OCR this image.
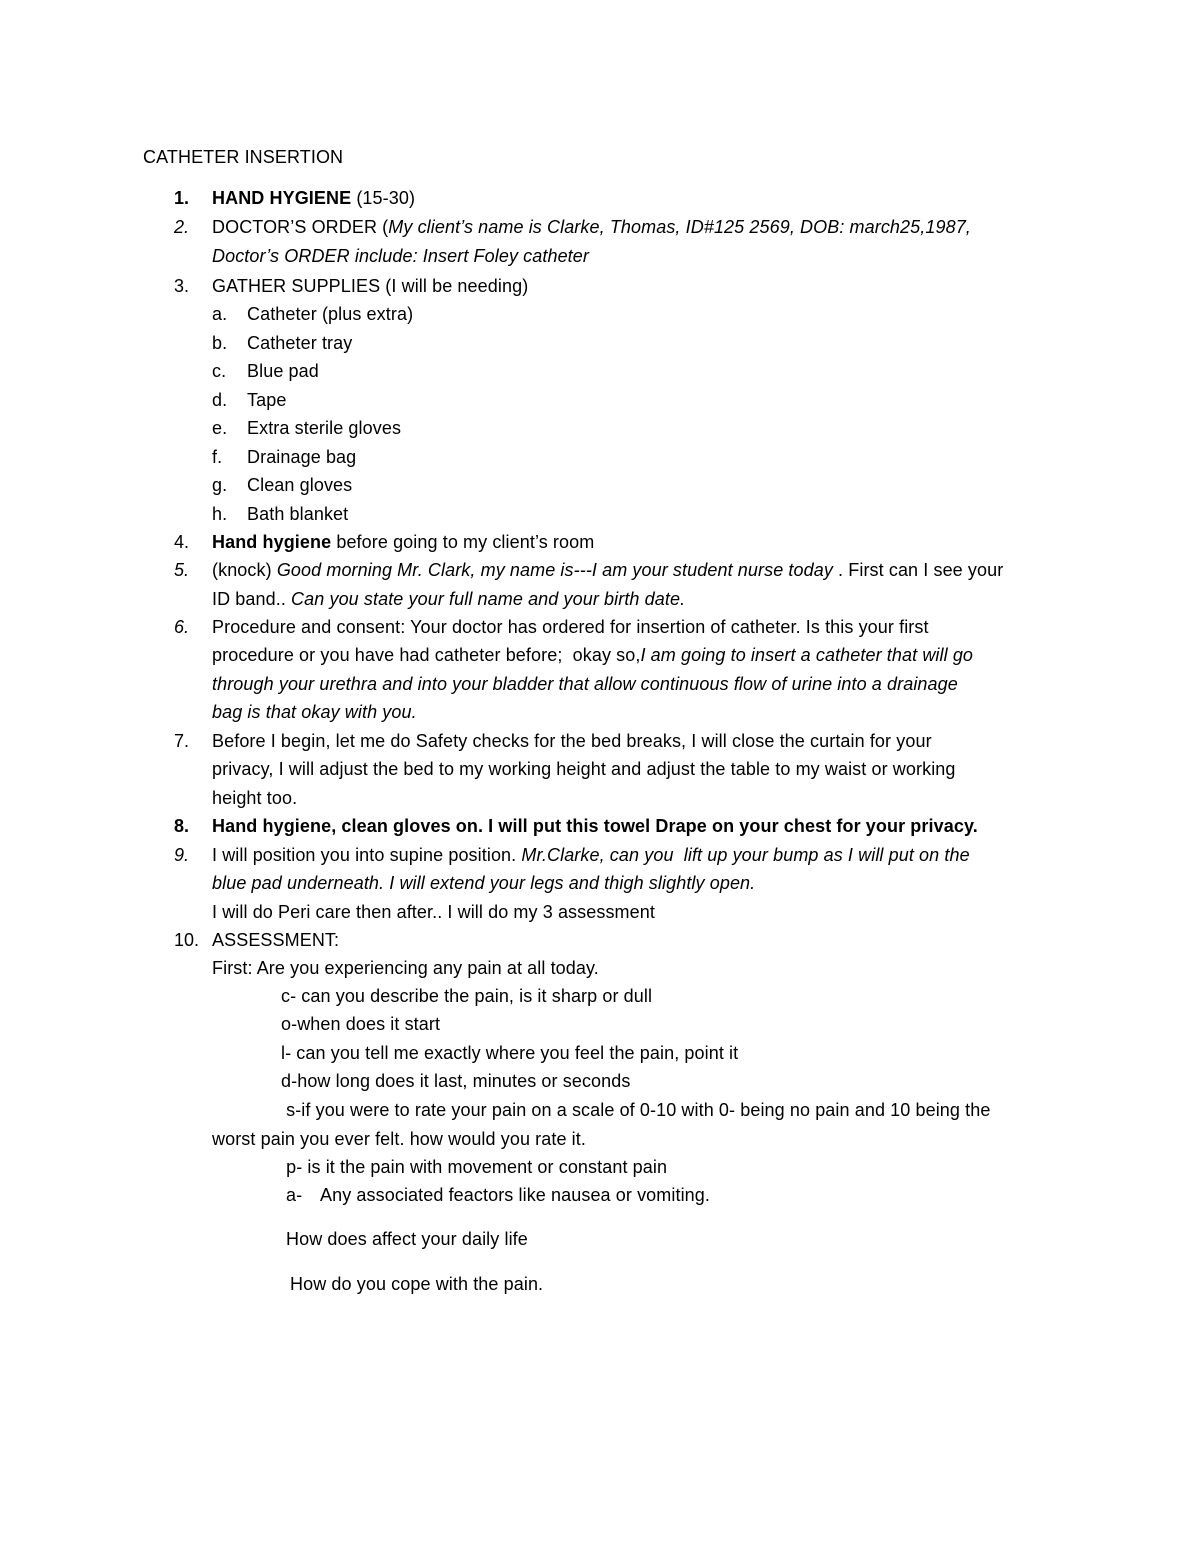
CATHETER INSERTION
1. HAND HYGIENE (15-30)
2. DOCTOR’S ORDER (My client’s name is Clarke, Thomas, ID#125 2569, DOB: march25,1987,
Doctor’s ORDER include: Insert Foley catheter
3. GATHER SUPPLIES (I will be needing)
4. Hand hygiene before going to my client’s room
5. (knock) Good morning Mr. Clark, my name is---I am your student nurse today . First can I see your
ID band.. Can you state your full name and your birth date.
6. Procedure and consent: Your doctor has ordered for insertion of catheter. Is this your first
procedure or you have had catheter before;  okay so,I am going to insert a catheter that will go
through your urethra and into your bladder that allow continuous flow of urine into a drainage
bag is that okay with you.
7. Before I begin, let me do Safety checks for the bed breaks, I will close the curtain for your
privacy, I will adjust the bed to my working height and adjust the table to my waist or working
height too.
8. Hand hygiene, clean gloves on. I will put this towel Drape on your chest for your privacy.
9. I will position you into supine position. Mr.Clarke, can you  lift up your bump as I will put on the
blue pad underneath. I will extend your legs and thigh slightly open.
I will do Peri care then after.. I will do my 3 assessment
10. ASSESSMENT:
First: Are you experiencing any pain at all today.
a. Catheter (plus extra)
b. Catheter tray
c. Blue pad
d. Tape
e. Extra sterile gloves
f. Drainage bag
g. Clean gloves
h. Bath blanket
c- can you describe the pain, is it sharp or dull
o-when does it start
l- can you tell me exactly where you feel the pain, point it
d-how long does it last, minutes or seconds
s-if you were to rate your pain on a scale of 0-10 with 0- being no pain and 10 being the
worst pain you ever felt. how would you rate it.
p- is it the pain with movement or constant pain
a- Any associated feactors like nausea or vomiting.
How does affect your daily life
How do you cope with the pain.
